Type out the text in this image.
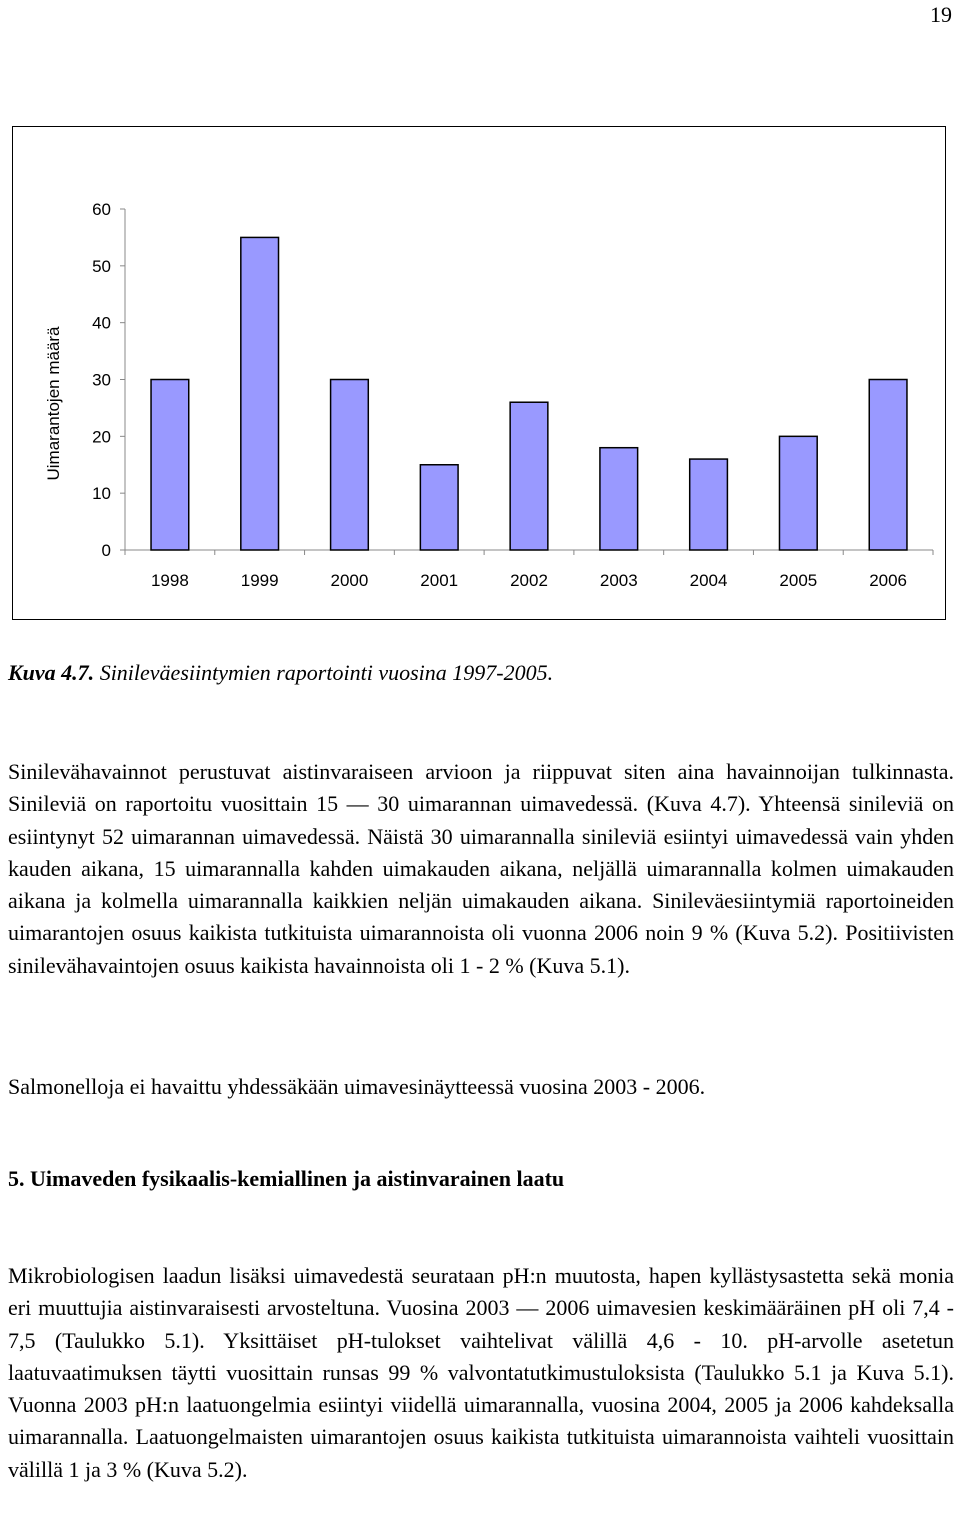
19
Uimarantojen määrä
0
10
20
30
40
50
60
1998	1999	2000	2001	2002	2003	2004	2005	2006
Kuva 4.7. Sinileväesiintymien raportointi vuosina 1997-2005.

Sinilevähavainnot perustuvat aistinvaraiseen arvioon ja riippuvat siten aina havainnoijan tulkinnasta. Sinileviä on raportoitu vuosittain 15 — 30 uimarannan uimavedessä. (Kuva 4.7). Yhteensä sinileviä on esiintynyt 52 uimarannan uimavedessä. Näistä 30 uimarannalla sinileviä esiintyi uimavedessä vain yhden kauden aikana, 15 uimarannalla kahden uimakauden aikana, neljällä uimarannalla kolmen uimakauden aikana ja kolmella uimarannalla kaikkien neljän uimakauden aikana. Sinileväesiintymiä raportoineiden uimarantojen osuus kaikista tutkituista uimarannoista oli vuonna 2006 noin 9 % (Kuva 5.2). Positiivisten sinilevähavaintojen osuus kaikista havainnoista oli 1 - 2 % (Kuva 5.1).

Salmonelloja ei havaittu yhdessäkään uimavesinäytteessä vuosina 2003 - 2006.

5. Uimaveden fysikaalis-kemiallinen ja aistinvarainen laatu

Mikrobiologisen laadun lisäksi uimavedestä seurataan pH:n muutosta, hapen kyllästysastetta sekä monia eri muuttujia aistinvaraisesti arvosteltuna. Vuosina 2003 — 2006 uimavesien keskimääräinen pH oli 7,4 - 7,5 (Taulukko 5.1). Yksittäiset pH-tulokset vaihtelivat välillä 4,6 - 10. pH-arvolle asetetun laatuvaatimuksen täytti vuosittain runsas 99 % valvontatutkimustuloksista (Taulukko 5.1 ja Kuva 5.1). Vuonna 2003 pH:n laatuongelmia esiintyi viidellä uimarannalla, vuosina 2004, 2005 ja 2006 kahdeksalla uimarannalla. Laatuongelmaisten uimarantojen osuus kaikista tutkituista uimarannoista vaihteli vuosittain välillä 1 ja 3 % (Kuva 5.2).
